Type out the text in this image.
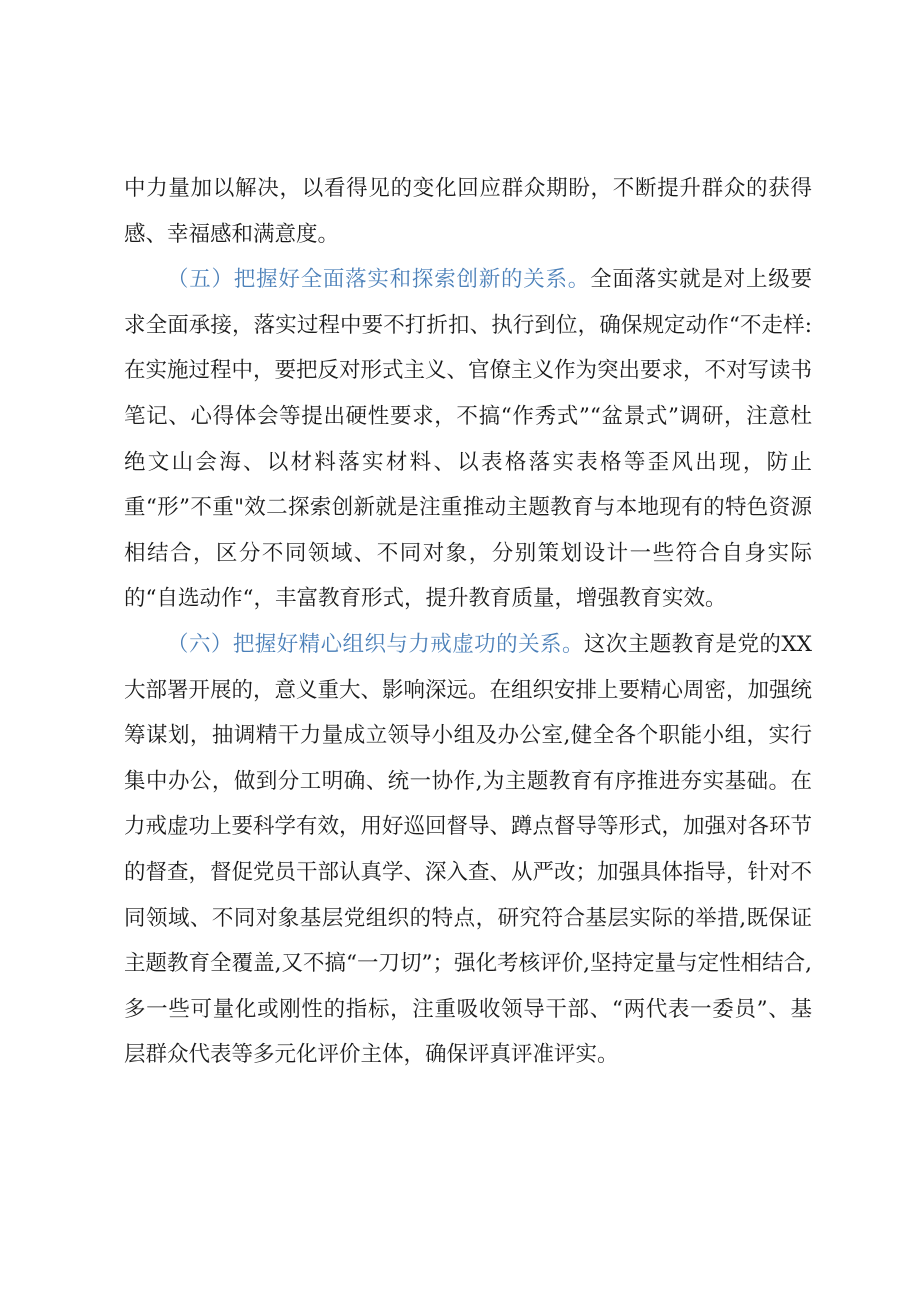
中力量加以解决，以看得见的变化回应群众期盼，不断提升群众的获得感、幸福感和满意度。

（五）把握好全面落实和探索创新的关系。全面落实就是对上级要求全面承接，落实过程中要不打折扣、执行到位，确保规定动作“不走样:在实施过程中，要把反对形式主义、官僚主义作为突出要求，不对写读书笔记、心得体会等提出硬性要求，不搞“作秀式”“盆景式”调研，注意杜绝文山会海、以材料落实材料、以表格落实表格等歪风出现，防止重“形”不重"效二探索创新就是注重推动主题教育与本地现有的特色资源相结合，区分不同领域、不同对象，分别策划设计一些符合自身实际的“自选动作“，丰富教育形式，提升教育质量，增强教育实效。

（六）把握好精心组织与力戒虚功的关系。这次主题教育是党的XX大部署开展的，意义重大、影响深远。在组织安排上要精心周密，加强统筹谋划，抽调精干力量成立领导小组及办公室,健全各个职能小组，实行集中办公，做到分工明确、统一协作,为主题教育有序推进夯实基础。在力戒虚功上要科学有效，用好巡回督导、蹲点督导等形式，加强对各环节的督查，督促党员干部认真学、深入查、从严改；加强具体指导，针对不同领域、不同对象基层党组织的特点，研究符合基层实际的举措,既保证主题教育全覆盖,又不搞“一刀切”；强化考核评价,坚持定量与定性相结合,多一些可量化或刚性的指标，注重吸收领导干部、“两代表一委员”、基层群众代表等多元化评价主体，确保评真评准评实。
